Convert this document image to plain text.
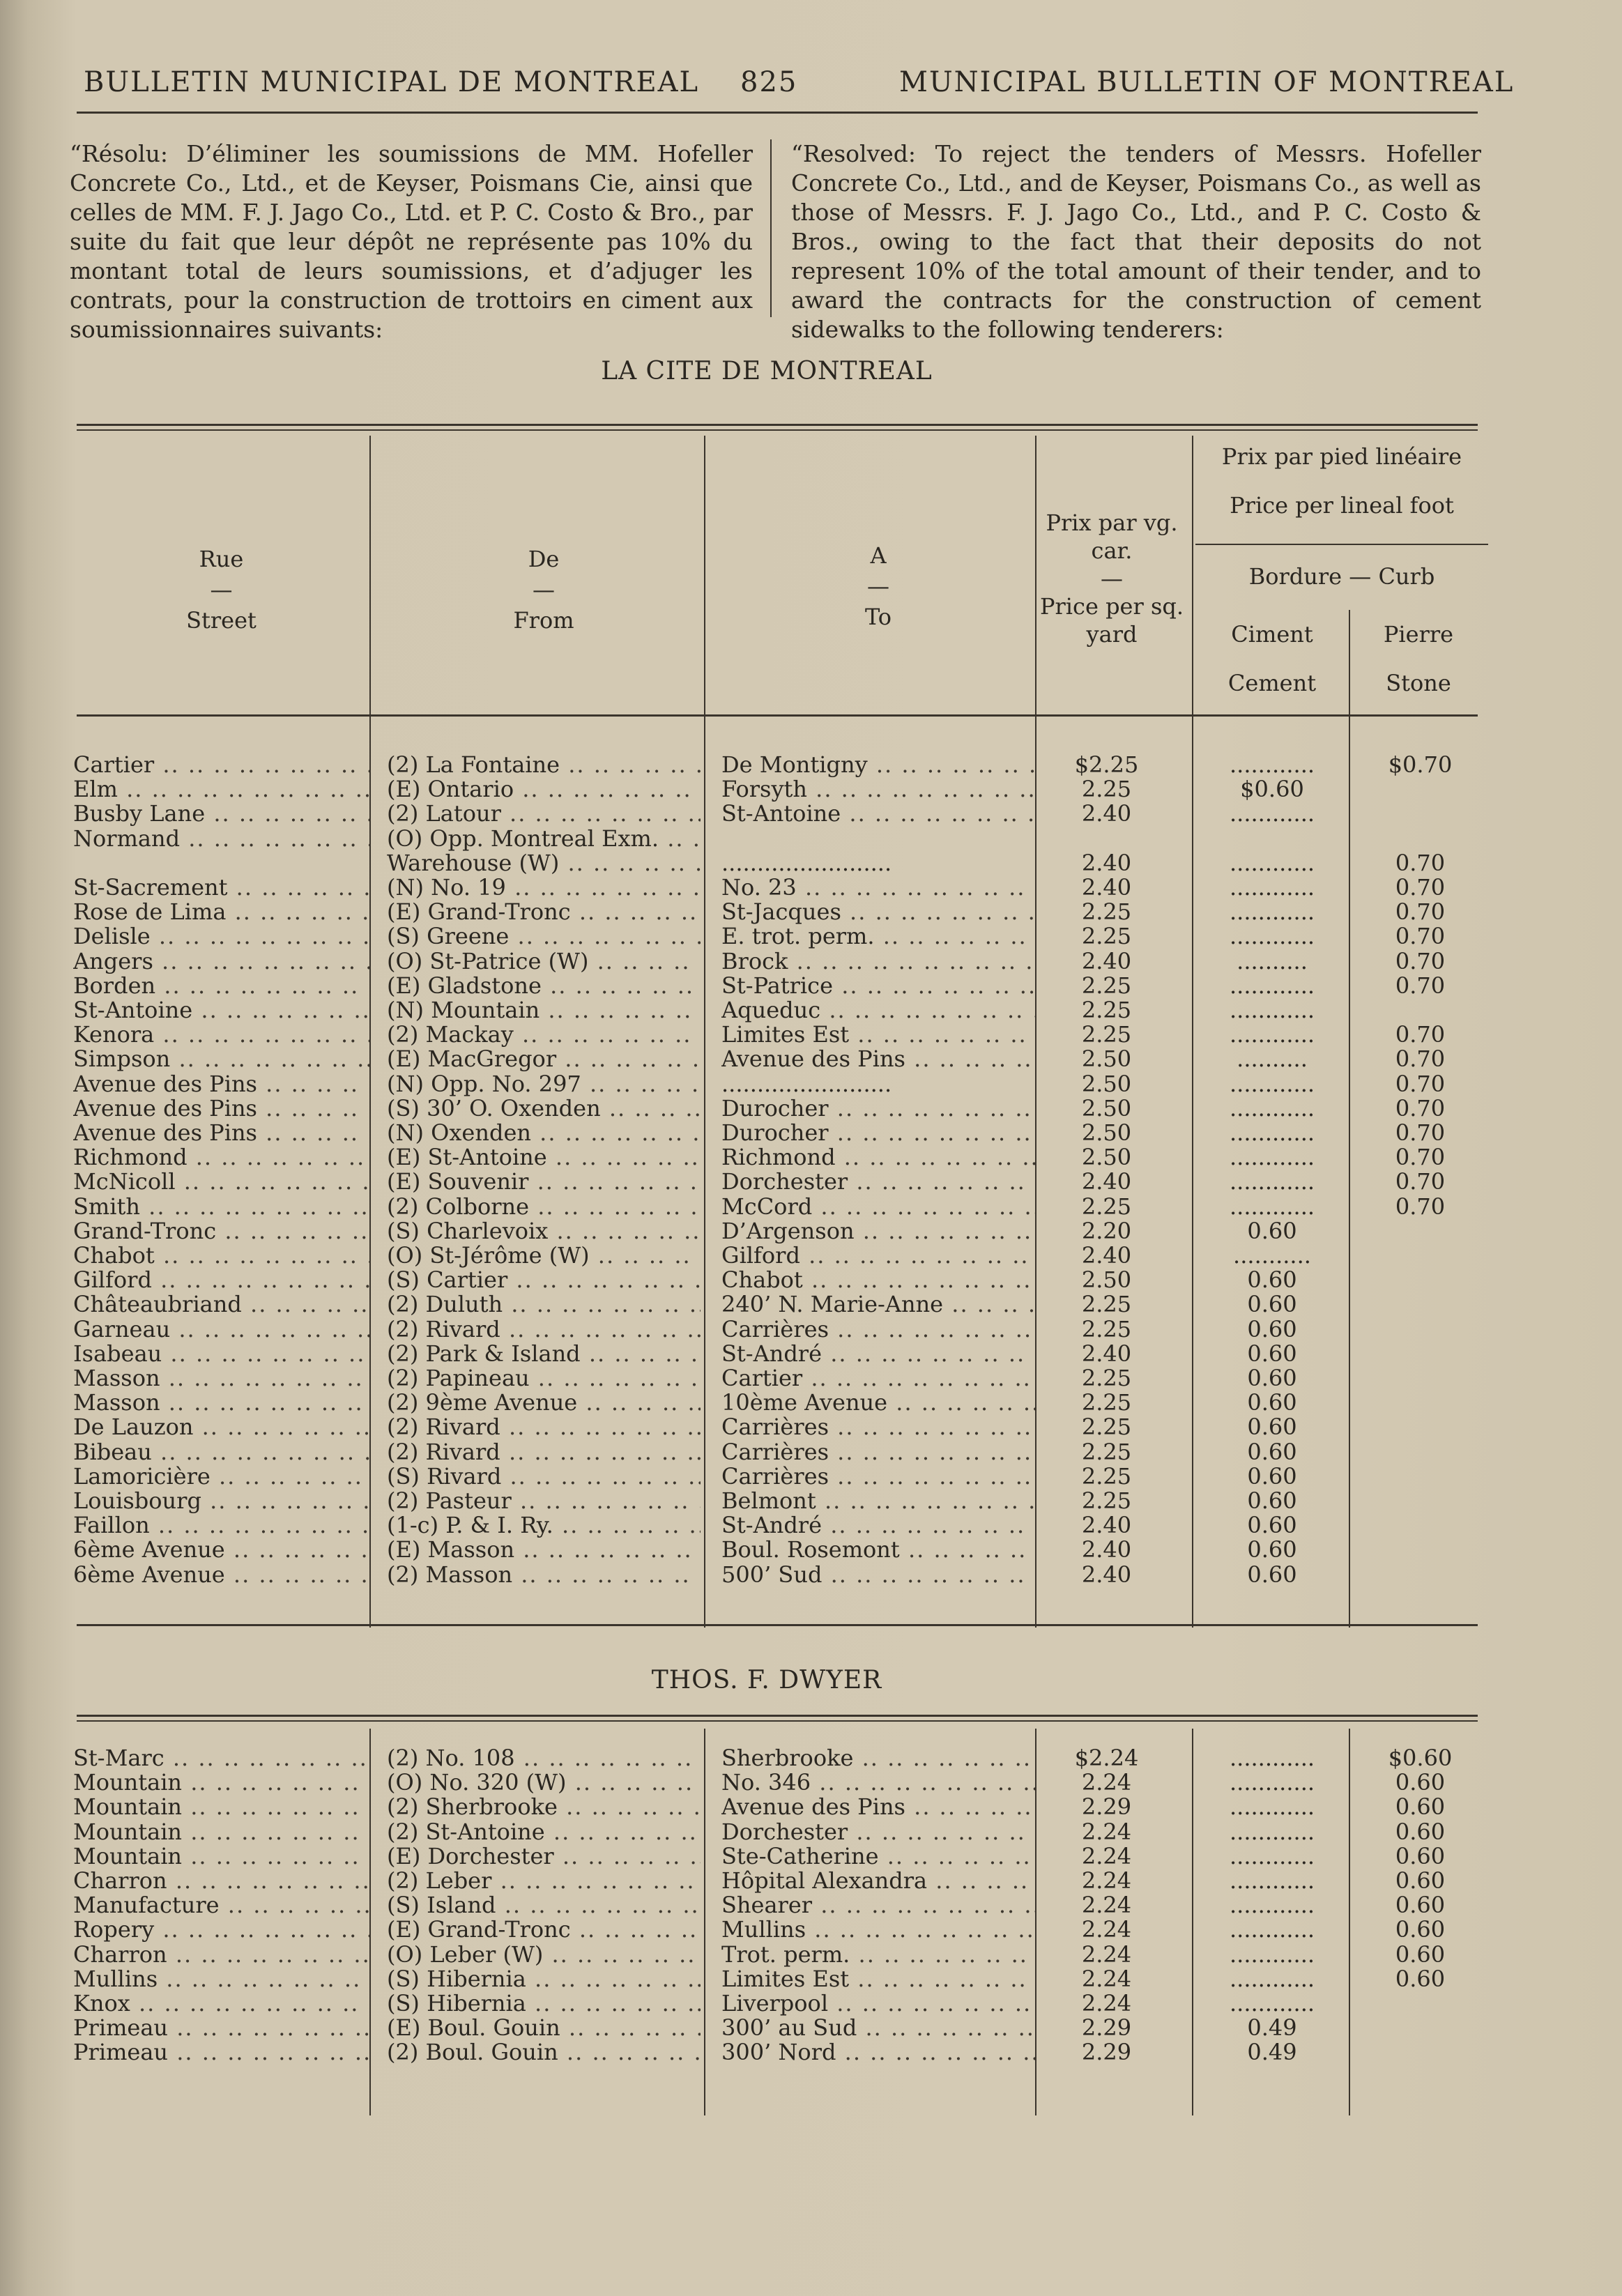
BULLETIN MUNICIPAL DE MONTREAL 825	MUNICIPAL BULLETIN OF MONTREAL
“Résolu: D’éliminer les soumissions de MM. Hofeller Concrete Co., Ltd., et de Keyser, Poismans Cie, ainsi que celles de MM. F. J. Jago Co., Ltd. et P. C. Costo & Bro., par suite du fait que leur dépôt ne représente pas 10% du montant total de leurs soumissions, et d’adjuger les contrats, pour la construction de trottoirs en ciment aux soumissionnaires suivants:
“Resolved: To reject the tenders of Messrs. Hofeller Concrete Co., Ltd., and de Keyser, Poismans Co., as well as those of Messrs. F. J. Jago Co., Ltd., and P. C. Costo & Bros., owing to the fact that their deposits do not represent 10% of the total amount of their tender, and to award the contracts for the construction of cement sidewalks to the following tenderers:
LA CITE DE MONTREAL
Rue
—
Street
De
—
From
A
—
To
Prix par vg. car.
—
Price per sq. yard
Prix par pied linéaire
Price per lineal foot
Bordure — Curb
Ciment
Cement
Pierre
Stone
Cartier .. ..	(2) La Fontaine .. ..	De Montigny .. ..	$2.25	............	$0.70
Elm .. ..	(E) Ontario .. ..	Forsyth .. ..	2.25	$0.60
Busby Lane .. ..	(2) Latour .. ..	St-Antoine .. ..	2.40	............
Normand .. ..	(O) Opp. Montreal Exm. .. ..
Warehouse (W) .. ..	........................	2.40	............	0.70
St-Sacrement .. ..	(N) No. 19 .. ..	No. 23 .. ..	2.40	............	0.70
Rose de Lima .. ..	(E) Grand-Tronc .. ..	St-Jacques .. ..	2.25	............	0.70
Delisle .. ..	(S) Greene .. ..	E. trot. perm. .. ..	2.25	............	0.70
Angers .. ..	(O) St-Patrice (W) .. ..	Brock .. ..	2.40	..........	0.70
Borden .. ..	(E) Gladstone .. ..	St-Patrice .. ..	2.25	............	0.70
St-Antoine .. ..	(N) Mountain .. ..	Aqueduc .. ..	2.25	............
Kenora .. ..	(2) Mackay .. ..	Limites Est .. ..	2.25	............	0.70
Simpson .. ..	(E) MacGregor .. ..	Avenue des Pins .. ..	2.50	..........	0.70
Avenue des Pins .. ..	(N) Opp. No. 297 .. ..	........................	2.50	............	0.70
Avenue des Pins .. ..	(S) 30’ O. Oxenden .. ..	Durocher .. ..	2.50	............	0.70
Avenue des Pins .. ..	(N) Oxenden .. ..	Durocher .. ..	2.50	............	0.70
Richmond .. ..	(E) St-Antoine .. ..	Richmond .. ..	2.50	............	0.70
McNicoll .. ..	(E) Souvenir .. ..	Dorchester .. ..	2.40	............	0.70
Smith .. ..	(2) Colborne .. ..	McCord .. ..	2.25	............	0.70
Grand-Tronc .. ..	(S) Charlevoix .. ..	D’Argenson .. ..	2.20	0.60
Chabot .. ..	(O) St-Jérôme (W) .. ..	Gilford .. ..	2.40	...........
Gilford .. ..	(S) Cartier .. ..	Chabot .. ..	2.50	0.60
Châteaubriand .. ..	(2) Duluth .. ..	240’ N. Marie-Anne .. ..	2.25	0.60
Garneau .. ..	(2) Rivard .. ..	Carrières .. ..	2.25	0.60
Isabeau .. ..	(2) Park & Island .. ..	St-André .. ..	2.40	0.60
Masson .. ..	(2) Papineau .. ..	Cartier .. ..	2.25	0.60
Masson .. ..	(2) 9ème Avenue .. ..	10ème Avenue .. ..	2.25	0.60
De Lauzon .. ..	(2) Rivard .. ..	Carrières .. ..	2.25	0.60
Bibeau .. ..	(2) Rivard .. ..	Carrières .. ..	2.25	0.60
Lamoricière .. ..	(S) Rivard .. ..	Carrières .. ..	2.25	0.60
Louisbourg .. ..	(2) Pasteur .. ..	Belmont .. ..	2.25	0.60
Faillon .. ..	(1-c) P. & I. Ry. .. ..	St-André .. ..	2.40	0.60
6ème Avenue .. ..	(E) Masson .. ..	Boul. Rosemont .. ..	2.40	0.60
6ème Avenue .. ..	(2) Masson .. ..	500’ Sud .. ..	2.40	0.60
THOS. F. DWYER
St-Marc .. ..	(2) No. 108 .. ..	Sherbrooke .. ..	$2.24	............	$0.60
Mountain .. ..	(O) No. 320 (W) .. ..	No. 346 .. ..	2.24	............	0.60
Mountain .. ..	(2) Sherbrooke .. ..	Avenue des Pins .. ..	2.29	............	0.60
Mountain .. ..	(2) St-Antoine .. ..	Dorchester .. ..	2.24	............	0.60
Mountain .. ..	(E) Dorchester .. ..	Ste-Catherine .. ..	2.24	............	0.60
Charron .. ..	(2) Leber .. ..	Hôpital Alexandra .. ..	2.24	............	0.60
Manufacture .. ..	(S) Island .. ..	Shearer .. ..	2.24	............	0.60
Ropery .. ..	(E) Grand-Tronc .. ..	Mullins .. ..	2.24	............	0.60
Charron .. ..	(O) Leber (W) .. ..	Trot. perm. .. ..	2.24	............	0.60
Mullins .. ..	(S) Hibernia .. ..	Limites Est .. ..	2.24	............	0.60
Knox .. ..	(S) Hibernia .. ..	Liverpool .. ..	2.24	............
Primeau .. ..	(E) Boul. Gouin .. ..	300’ au Sud .. ..	2.29	0.49
Primeau .. ..	(2) Boul. Gouin .. ..	300’ Nord .. ..	2.29	0.49
